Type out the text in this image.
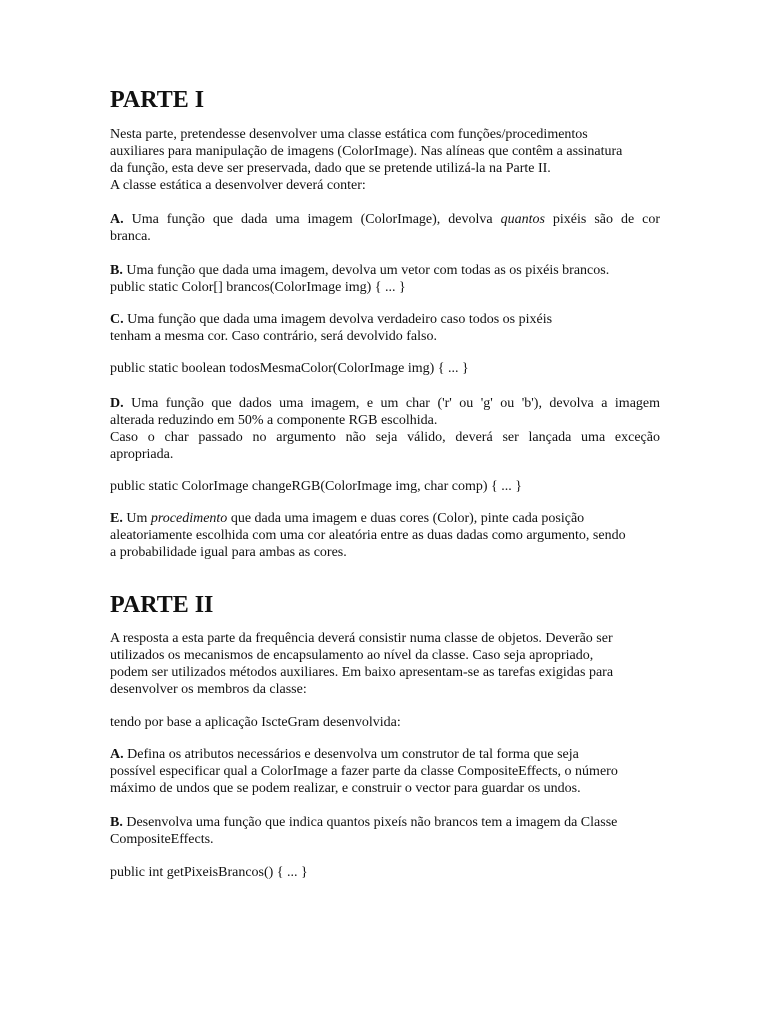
PARTE I

Nesta parte, pretendesse desenvolver uma classe estática com funções/procedimentos

auxiliares para manipulação de imagens (ColorImage). Nas alíneas que contêm a assinatura

da função, esta deve ser preservada, dado que se pretende utilizá-la na Parte II.

A classe estática a desenvolver deverá conter:

A. Uma função que dada uma imagem (ColorImage), devolva quantos pixéis são de cor

branca.

B. Uma função que dada uma imagem, devolva um vetor com todas as os pixéis brancos.

public static Color[] brancos(ColorImage img) { ... }

C. Uma função que dada uma imagem devolva verdadeiro caso todos os pixéis

tenham a mesma cor. Caso contrário, será devolvido falso.

public static boolean todosMesmaColor(ColorImage img) { ... }

D. Uma função que dados uma imagem, e um char ('r' ou 'g' ou 'b'), devolva a imagem

alterada reduzindo em 50% a componente RGB escolhida.

Caso o char passado no argumento não seja válido, deverá ser lançada uma exceção

apropriada.

public static ColorImage changeRGB(ColorImage img, char comp) { ... }

E. Um procedimento que dada uma imagem e duas cores (Color), pinte cada posição

aleatoriamente escolhida com uma cor aleatória entre as duas dadas como argumento, sendo

a probabilidade igual para ambas as cores.

PARTE II

A resposta a esta parte da frequência deverá consistir numa classe de objetos. Deverão ser

utilizados os mecanismos de encapsulamento ao nível da classe. Caso seja apropriado,

podem ser utilizados métodos auxiliares. Em baixo apresentam-se as tarefas exigidas para

desenvolver os membros da classe:

tendo por base a aplicação IscteGram desenvolvida:

A. Defina os atributos necessários e desenvolva um construtor de tal forma que seja

possível especificar qual a ColorImage a fazer parte da classe CompositeEffects, o número

máximo de undos que se podem realizar, e construir o vector para guardar os undos.

B. Desenvolva uma função que indica quantos pixeís não brancos tem a imagem da Classe

CompositeEffects.

public int getPixeisBrancos() { ... }
